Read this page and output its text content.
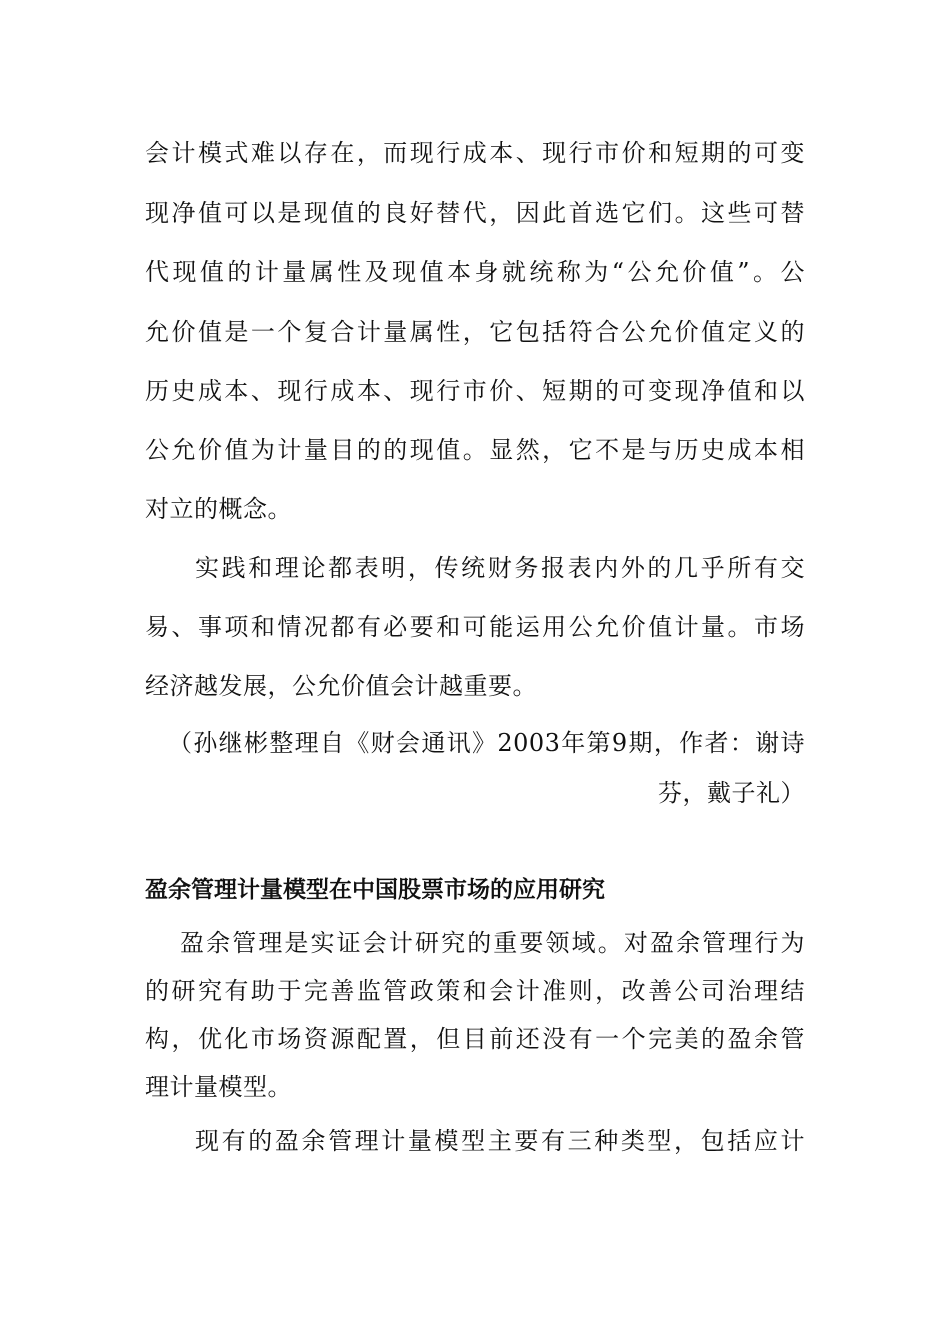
会计模式难以存在，而现行成本、现行市价和短期的可变
现净值可以是现值的良好替代，因此首选它们。这些可替
代现值的计量属性及现值本身就统称为“公允价值”。公
允价值是一个复合计量属性，它包括符合公允价值定义的
历史成本、现行成本、现行市价、短期的可变现净值和以
公允价值为计量目的的现值。显然，它不是与历史成本相
对立的概念。
实践和理论都表明，传统财务报表内外的几乎所有交
易、事项和情况都有必要和可能运用公允价值计量。市场
经济越发展，公允价值会计越重要。
（孙继彬整理自《财会通讯》2003年第9期，作者：谢诗
芬，戴子礼）
盈余管理计量模型在中国股票市场的应用研究
盈余管理是实证会计研究的重要领域。对盈余管理行为
的研究有助于完善监管政策和会计准则，改善公司治理结
构，优化市场资源配置，但目前还没有一个完美的盈余管
理计量模型。
现有的盈余管理计量模型主要有三种类型，包括应计
